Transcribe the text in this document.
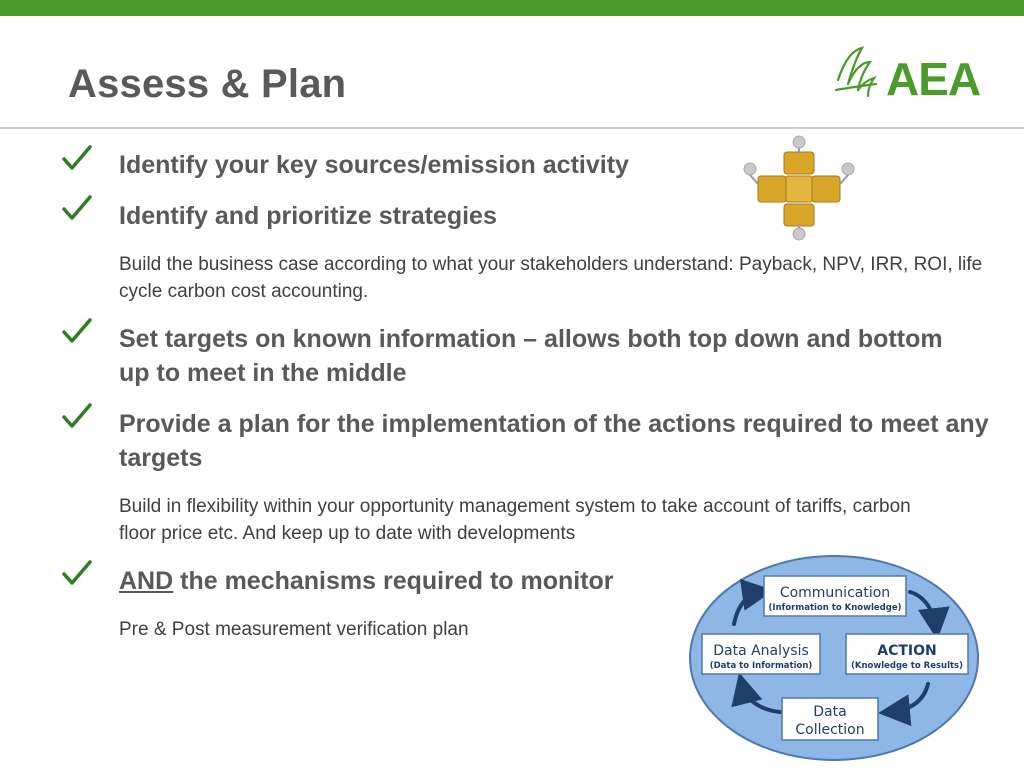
Assess & Plan	AEA

Identify your key sources/emission activity

Identify and prioritize strategies

Build the business case according to what your stakeholders understand: Payback, NPV, IRR, ROI, life cycle carbon cost accounting.

Set targets on known information – allows both top down and bottom up to meet in the middle

Provide a plan for the implementation of the actions required to meet any targets

Build in flexibility within your opportunity management system to take account of tariffs, carbon floor price etc. And keep up to date with developments

AND the mechanisms required to monitor

Pre & Post measurement verification plan

Communication
(Information to Knowledge)
Data Analysis
(Data to Information)
ACTION
(Knowledge to Results)
Data
Collection
